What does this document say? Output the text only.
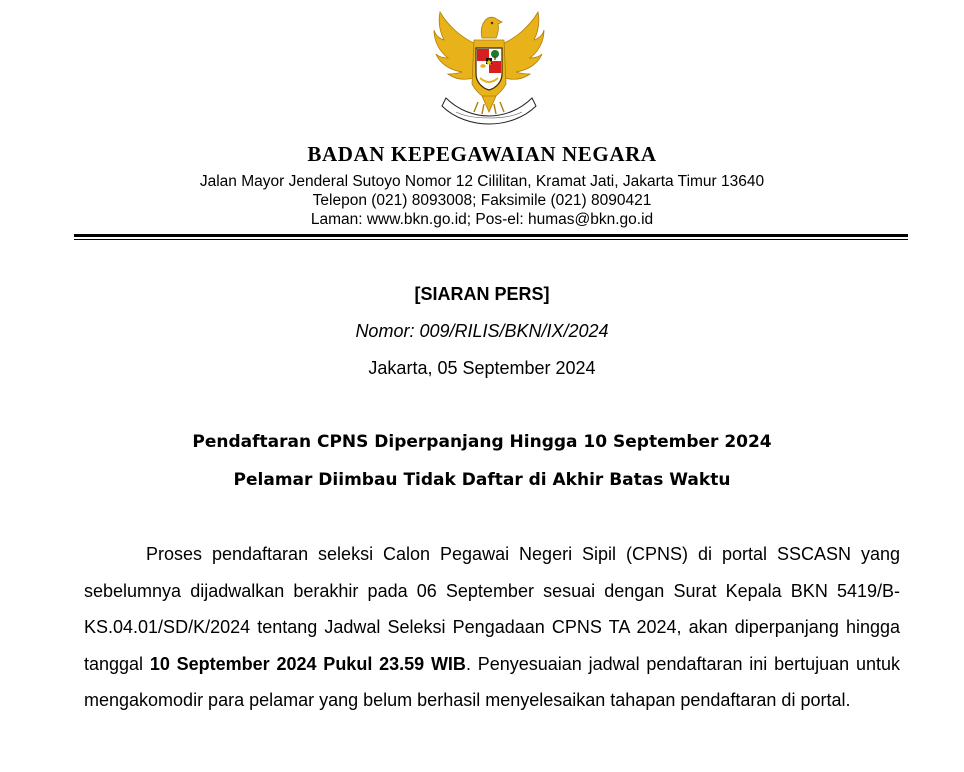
BADAN KEPEGAWAIAN NEGARA
Jalan Mayor Jenderal Sutoyo Nomor 12 Cililitan, Kramat Jati, Jakarta Timur 13640
Telepon (021) 8093008; Faksimile (021) 8090421
Laman: www.bkn.go.id; Pos-el: humas@bkn.go.id
[SIARAN PERS]
Nomor: 009/RILIS/BKN/IX/2024
Jakarta, 05 September 2024
Pendaftaran CPNS Diperpanjang Hingga 10 September 2024
Pelamar Diimbau Tidak Daftar di Akhir Batas Waktu

Proses pendaftaran seleksi Calon Pegawai Negeri Sipil (CPNS) di portal SSCASN yang sebelumnya dijadwalkan berakhir pada 06 September sesuai dengan Surat Kepala BKN 5419/B-KS.04.01/SD/K/2024 tentang Jadwal Seleksi Pengadaan CPNS TA 2024, akan diperpanjang hingga tanggal 10 September 2024 Pukul 23.59 WIB. Penyesuaian jadwal pendaftaran ini bertujuan untuk mengakomodir para pelamar yang belum berhasil menyelesaikan tahapan pendaftaran di portal.
